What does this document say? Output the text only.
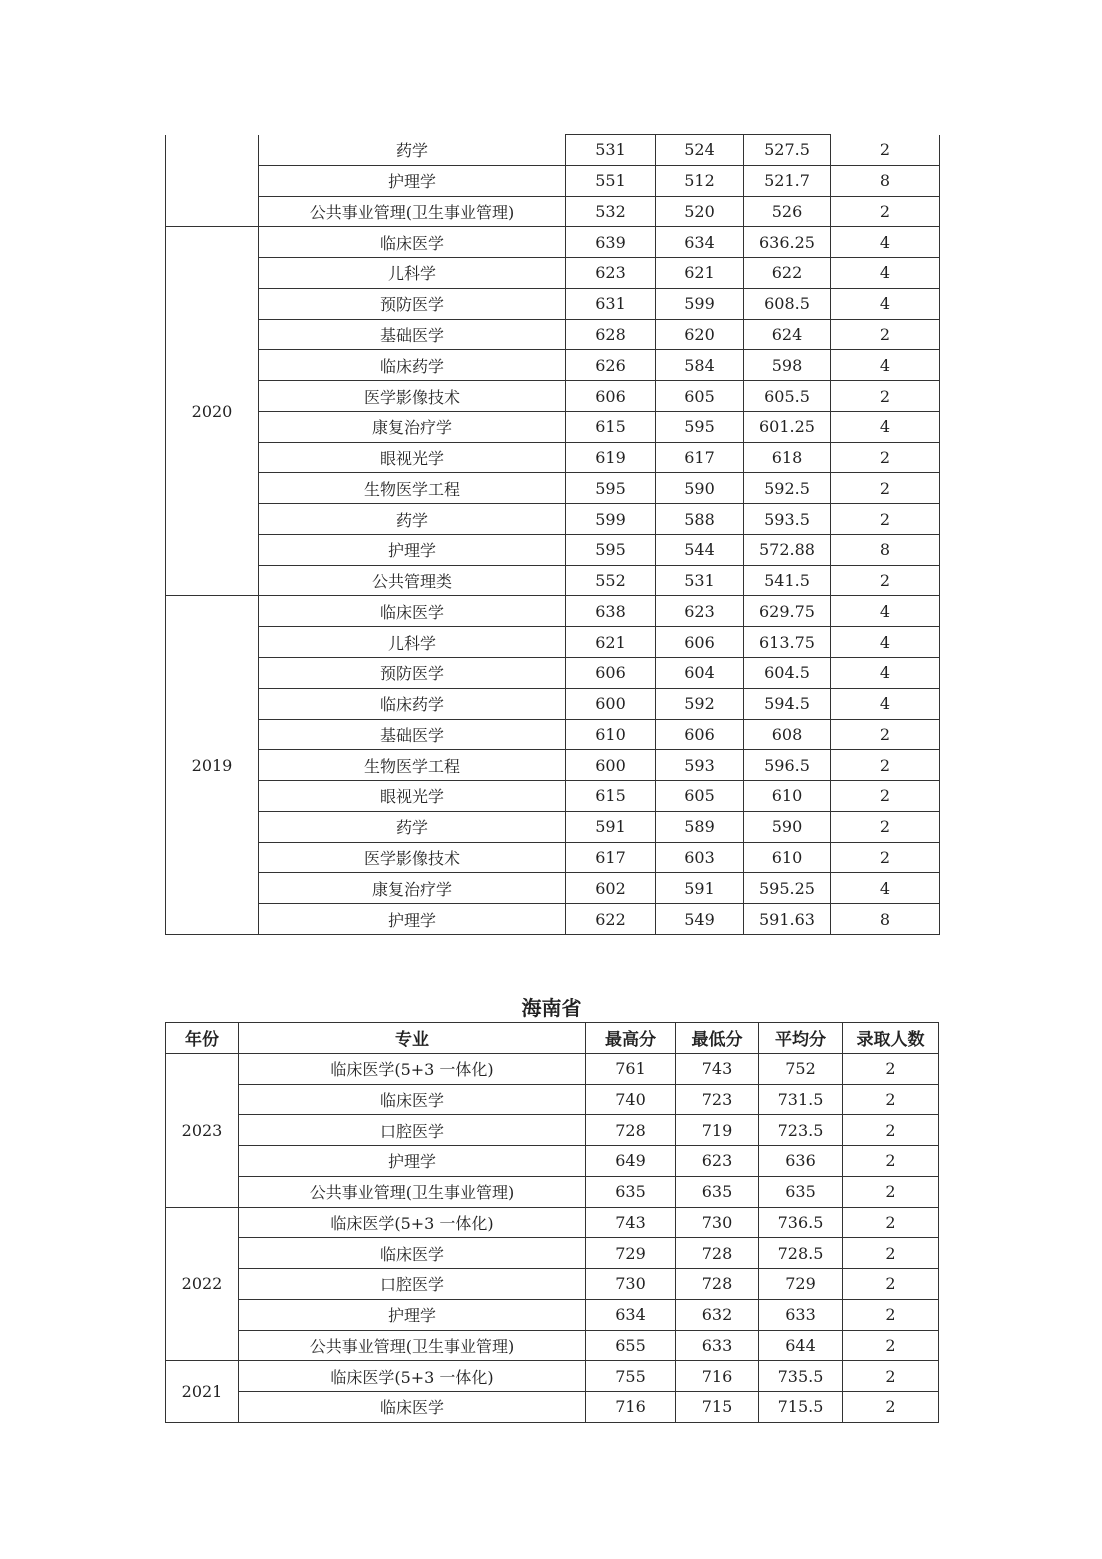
	药学	531	524	527.5	2
	护理学	551	512	521.7	8
	公共事业管理(卫生事业管理)	532	520	526	2
2020	临床医学	639	634	636.25	4
	儿科学	623	621	622	4
	预防医学	631	599	608.5	4
	基础医学	628	620	624	2
	临床药学	626	584	598	4
	医学影像技术	606	605	605.5	2
	康复治疗学	615	595	601.25	4
	眼视光学	619	617	618	2
	生物医学工程	595	590	592.5	2
	药学	599	588	593.5	2
	护理学	595	544	572.88	8
	公共管理类	552	531	541.5	2
2019	临床医学	638	623	629.75	4
	儿科学	621	606	613.75	4
	预防医学	606	604	604.5	4
	临床药学	600	592	594.5	4
	基础医学	610	606	608	2
	生物医学工程	600	593	596.5	2
	眼视光学	615	605	610	2
	药学	591	589	590	2
	医学影像技术	617	603	610	2
	康复治疗学	602	591	595.25	4
	护理学	622	549	591.63	8
海南省
年份	专业	最高分	最低分	平均分	录取人数
2023	临床医学(5+3 一体化)	761	743	752	2
	临床医学	740	723	731.5	2
	口腔医学	728	719	723.5	2
	护理学	649	623	636	2
	公共事业管理(卫生事业管理)	635	635	635	2
2022	临床医学(5+3 一体化)	743	730	736.5	2
	临床医学	729	728	728.5	2
	口腔医学	730	728	729	2
	护理学	634	632	633	2
	公共事业管理(卫生事业管理)	655	633	644	2
2021	临床医学(5+3 一体化)	755	716	735.5	2
	临床医学	716	715	715.5	2
